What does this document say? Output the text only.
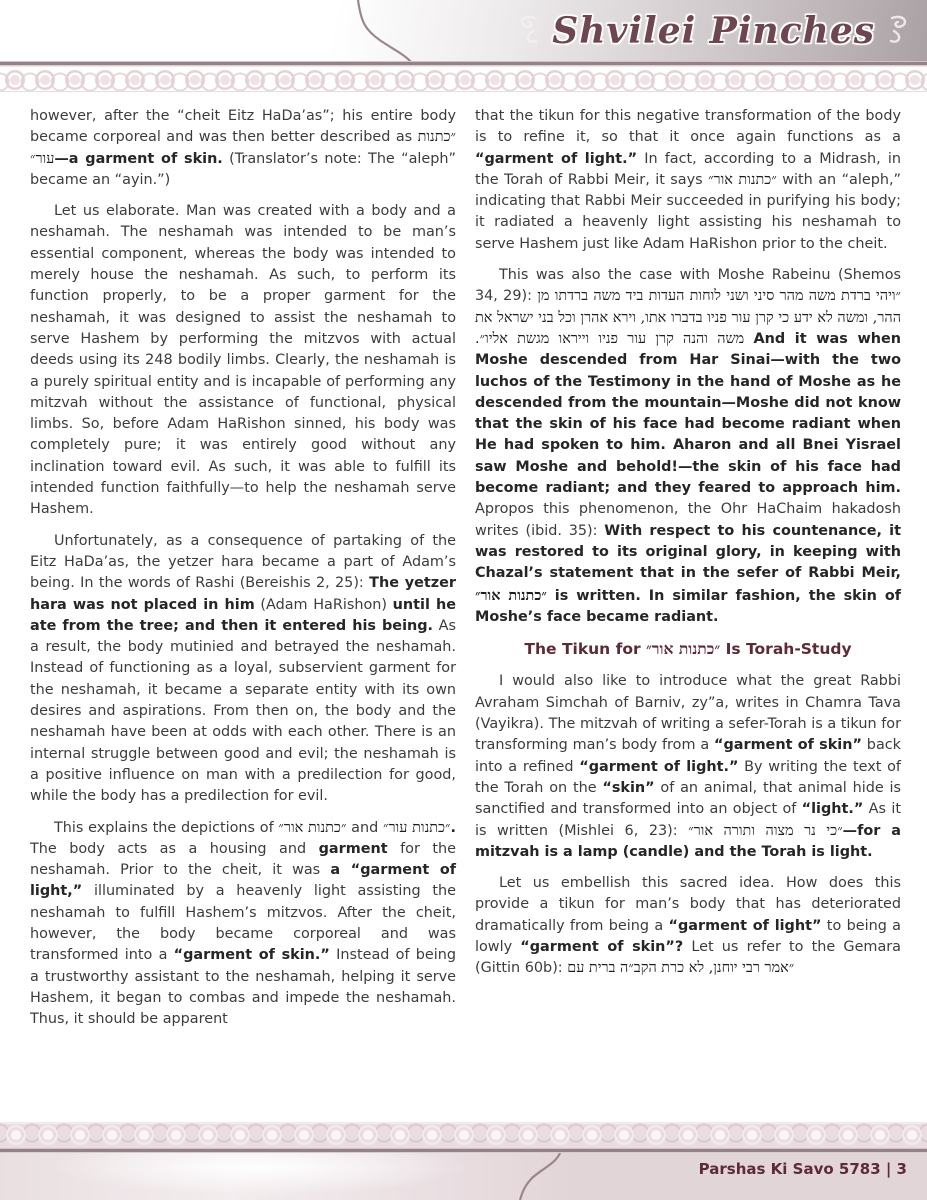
Shvilei Pinches

however, after the “cheit Eitz HaDa’as”; his entire body became corporeal and was then better described as ״כתנות עור״—a garment of skin. (Translator’s note: The “aleph” became an “ayin.”)

Let us elaborate. Man was created with a body and a neshamah. The neshamah was intended to be man’s essential component, whereas the body was intended to merely house the neshamah. As such, to perform its function properly, to be a proper garment for the neshamah, it was designed to assist the neshamah to serve Hashem by performing the mitzvos with actual deeds using its 248 bodily limbs. Clearly, the neshamah is a purely spiritual entity and is incapable of performing any mitzvah without the assistance of functional, physical limbs. So, before Adam HaRishon sinned, his body was completely pure; it was entirely good without any inclination toward evil. As such, it was able to fulfill its intended function faithfully—to help the neshamah serve Hashem.

Unfortunately, as a consequence of partaking of the Eitz HaDa’as, the yetzer hara became a part of Adam’s being. In the words of Rashi (Bereishis 2, 25): The yetzer hara was not placed in him (Adam HaRishon) until he ate from the tree; and then it entered his being. As a result, the body mutinied and betrayed the neshamah. Instead of functioning as a loyal, subservient garment for the neshamah, it became a separate entity with its own desires and aspirations. From then on, the body and the neshamah have been at odds with each other. There is an internal struggle between good and evil; the neshamah is a positive influence on man with a predilection for good, while the body has a predilection for evil.

This explains the depictions of ״כתנות אור״ and ״כתנות עור״. The body acts as a housing and garment for the neshamah. Prior to the cheit, it was a “garment of light,” illuminated by a heavenly light assisting the neshamah to fulfill Hashem’s mitzvos. After the cheit, however, the body became corporeal and was transformed into a “garment of skin.” Instead of being a trustworthy assistant to the neshamah, helping it serve Hashem, it began to combas and impede the neshamah. Thus, it should be apparent

that the tikun for this negative transformation of the body is to refine it, so that it once again functions as a “garment of light.” In fact, according to a Midrash, in the Torah of Rabbi Meir, it says ״כתנות אור״ with an “aleph,” indicating that Rabbi Meir succeeded in purifying his body; it radiated a heavenly light assisting his neshamah to serve Hashem just like Adam HaRishon prior to the cheit.

This was also the case with Moshe Rabeinu (Shemos 34, 29): ״ויהי ברדת משה מהר סיני ושני לוחות העדות ביד משה ברדתו מן ההר, ומשה לא ידע כי קרן עור פניו בדברו אתו, וירא אהרן וכל בני ישראל את משה והנה קרן עור פניו וייראו מגשת אליו״. And it was when Moshe descended from Har Sinai—with the two luchos of the Testimony in the hand of Moshe as he descended from the mountain—Moshe did not know that the skin of his face had become radiant when He had spoken to him. Aharon and all Bnei Yisrael saw Moshe and behold!—the skin of his face had become radiant; and they feared to approach him. Apropos this phenomenon, the Ohr HaChaim hakadosh writes (ibid. 35): With respect to his countenance, it was restored to its original glory, in keeping with Chazal’s statement that in the sefer of Rabbi Meir, ״כתנות אור״ is written. In similar fashion, the skin of Moshe’s face became radiant.

The Tikun for ״כתנות אור״ Is Torah-Study

I would also like to introduce what the great Rabbi Avraham Simchah of Barniv, zy”a, writes in Chamra Tava (Vayikra). The mitzvah of writing a sefer-Torah is a tikun for transforming man’s body from a “garment of skin” back into a refined “garment of light.” By writing the text of the Torah on the “skin” of an animal, that animal hide is sanctified and transformed into an object of “light.” As it is written (Mishlei 6, 23): ״כי נר מצוה ותורה אור״—for a mitzvah is a lamp (candle) and the Torah is light.

Let us embellish this sacred idea. How does this provide a tikun for man’s body that has deteriorated dramatically from being a “garment of light” to being a lowly “garment of skin”? Let us refer to the Gemara (Gittin 60b): ״אמר רבי יוחנן, לא כרת הקב״ה ברית עם

Parshas Ki Savo 5783 | 3
